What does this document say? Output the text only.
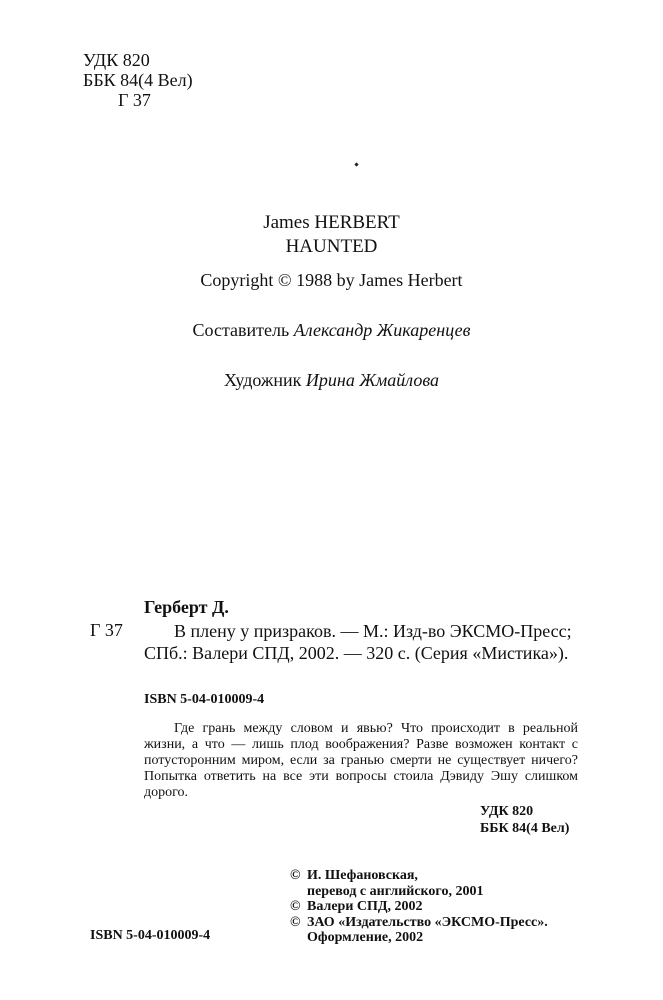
УДК 820
ББК 84(4 Вел)
Г 37
James HERBERT
HAUNTED
Copyright © 1988 by James Herbert
Составитель Александр Жикаренцев
Художник Ирина Жмайлова
Герберт Д.
Г 37	В плену у призраков. — М.: Изд-во ЭКСМО-Пресс; СПб.: Валери СПД, 2002. — 320 с. (Серия «Мистика»).
ISBN 5-04-010009-4
Где грань между словом и явью? Что происходит в реальной жизни, а что — лишь плод воображения? Разве возможен контакт с потусторонним миром, если за гранью смерти не существует ничего? Попытка ответить на все эти вопросы стоила Дэвиду Эшу слишком дорого.
УДК 820
ББК 84(4 Вел)
© И. Шефановская,
перевод с английского, 2001
© Валери СПД, 2002
© ЗАО «Издательство «ЭКСМО-Пресс».
Оформление, 2002
ISBN 5-04-010009-4
